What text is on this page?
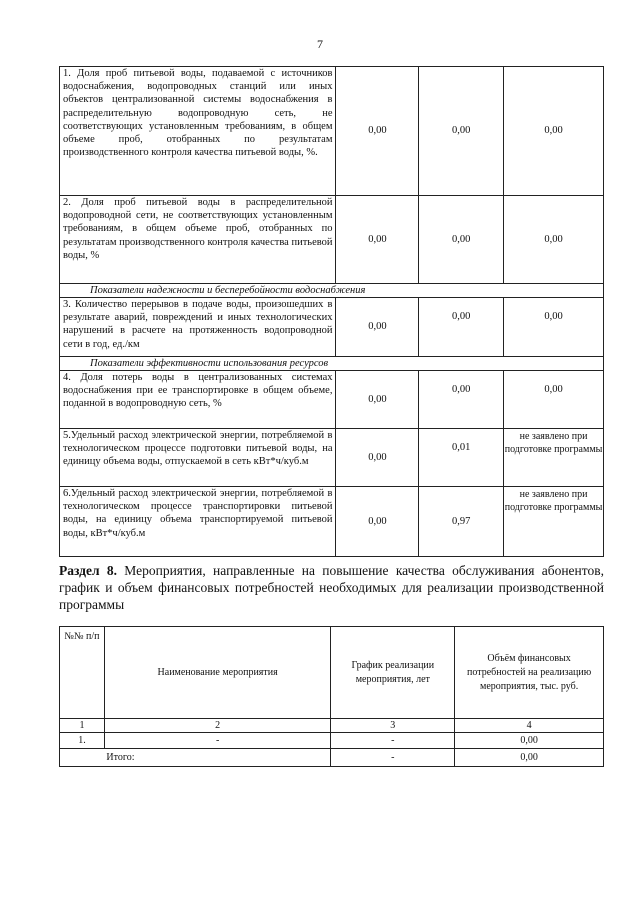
7
1. Доля проб питьевой воды, подаваемой с источников водоснабжения, водопроводных станций или иных объектов централизованной системы водоснабжения в распределительную водопроводную сеть, не соответствующих установленным требованиям, в общем объеме проб, отобранных по результатам производственного контроля качества питьевой воды, %.	0,00	0,00	0,00
2. Доля проб питьевой воды в распределительной водопроводной сети, не соответствующих установленным требованиям, в общем объеме проб, отобранных по результатам производственного контроля качества питьевой воды, %	0,00	0,00	0,00
Показатели надежности и бесперебойности водоснабжения			
3. Количество перерывов в подаче воды, произошедших в результате аварий, повреждений и иных технологических нарушений в расчете на протяженность водопроводной сети в год, ед./км	0,00	0,00	0,00
Показатели эффективности использования ресурсов			
4. Доля потерь воды в централизованных системах водоснабжения при ее транспортировке в общем объеме, поданной в водопроводную сеть, %	0,00	0,00	0,00
5.Удельный расход электрической энергии, потребляемой в технологическом процессе подготовки питьевой воды, на единицу объема воды, отпускаемой в сеть кВт*ч/куб.м	0,00	0,01	не заявлено при подготовке программы
6.Удельный расход электрической энергии, потребляемой в технологическом процессе транспортировки питьевой воды, на единицу объема транспортируемой питьевой воды, кВт*ч/куб.м	0,00	0,97	не заявлено при подготовке программы
Раздел 8. Мероприятия, направленные на повышение качества обслуживания абонентов, график и объем финансовых потребностей необходимых для реализации производственной программы
№№ п/п	Наименование мероприятия	График реализации мероприятия, лет	Объём финансовых потребностей на реализацию мероприятия, тыс. руб.
1	2	3	4
1.	-	-	0,00
	Итого:	-	0,00
